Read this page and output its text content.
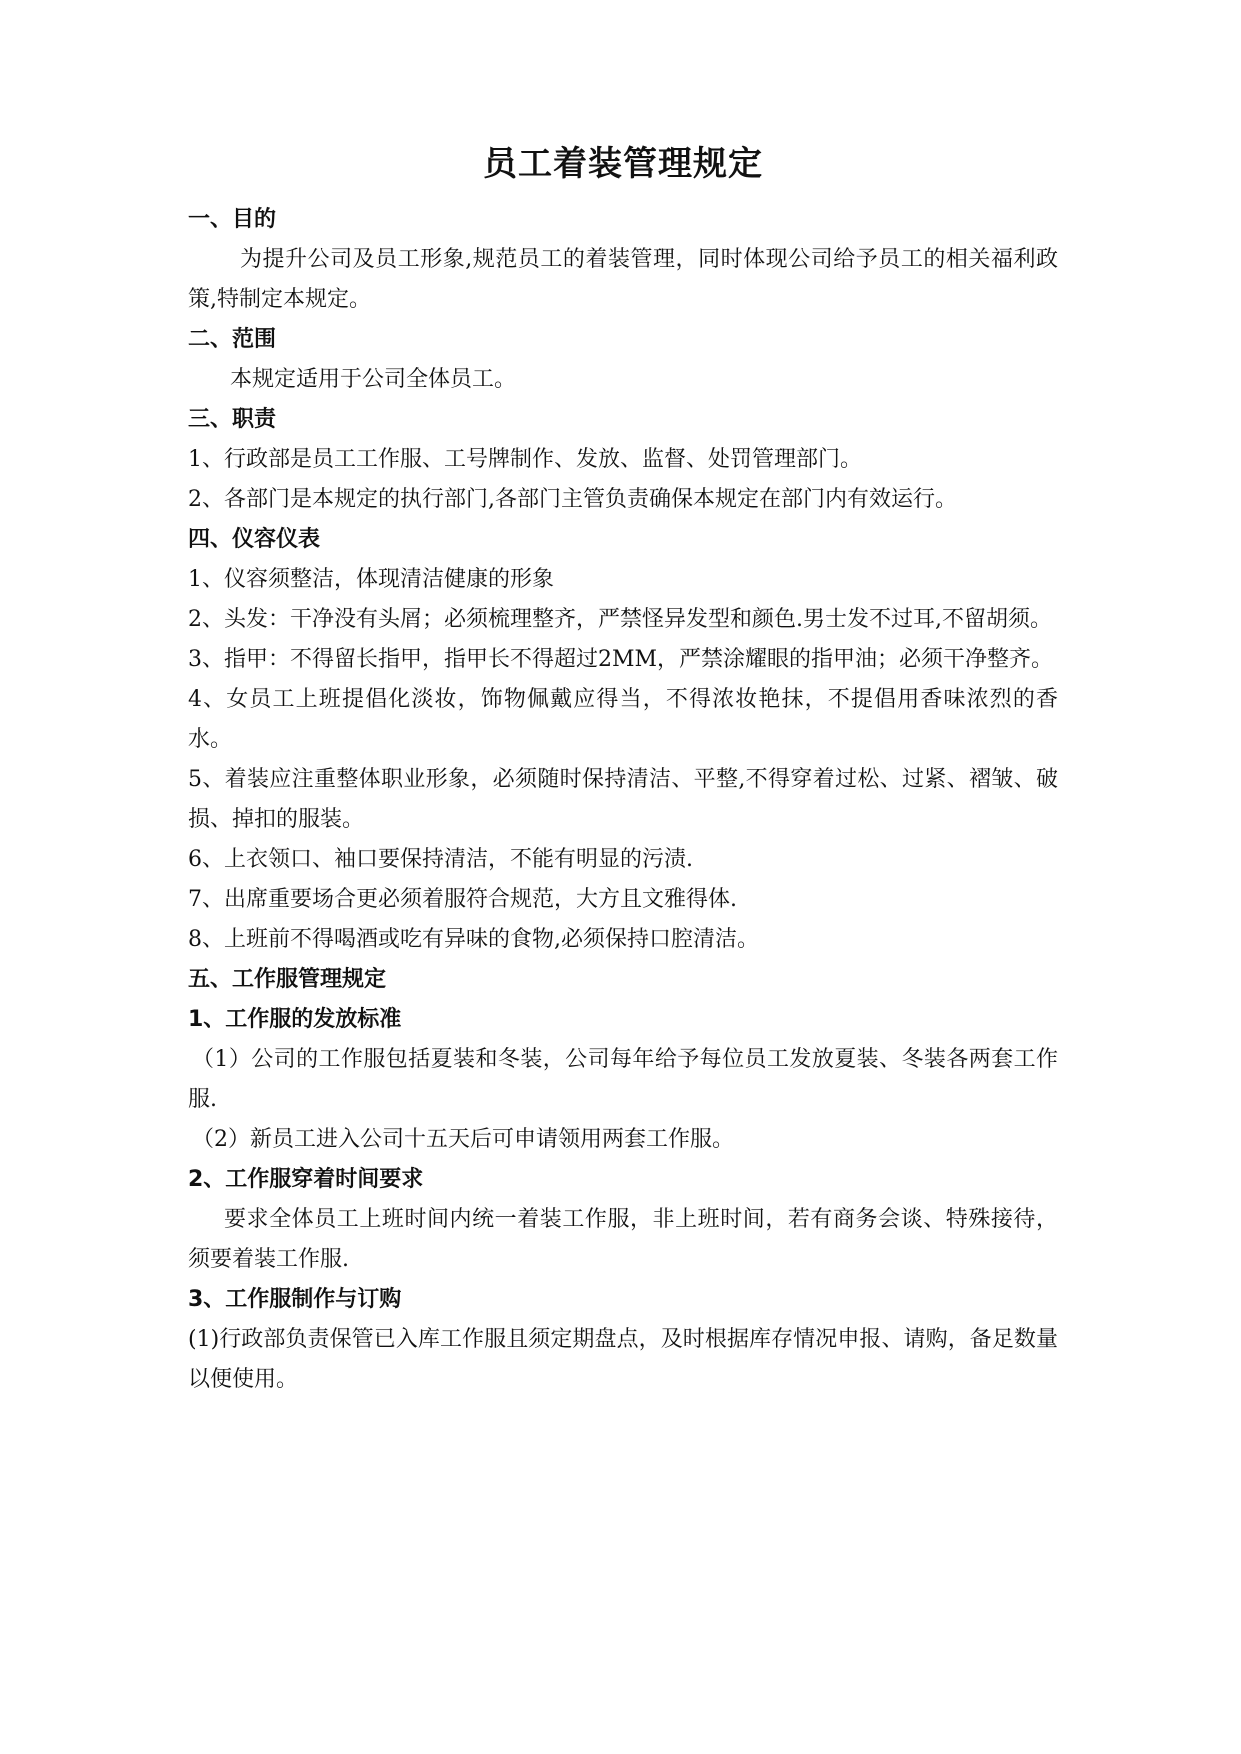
员工着装管理规定

一、目的

为提升公司及员工形象,规范员工的着装管理，同时体现公司给予员工的相关福利政策,特制定本规定。

二、范围

本规定适用于公司全体员工。

三、职责

1、行政部是员工工作服、工号牌制作、发放、监督、处罚管理部门。

2、各部门是本规定的执行部门,各部门主管负责确保本规定在部门内有效运行。

四、仪容仪表

1、仪容须整洁，体现清洁健康的形象

2、头发：干净没有头屑；必须梳理整齐，严禁怪异发型和颜色.男士发不过耳,不留胡须。

3、指甲：不得留长指甲，指甲长不得超过2MM，严禁涂耀眼的指甲油；必须干净整齐。

4、女员工上班提倡化淡妆，饰物佩戴应得当，不得浓妆艳抹，不提倡用香味浓烈的香水。

5、着装应注重整体职业形象，必须随时保持清洁、平整,不得穿着过松、过紧、褶皱、破损、掉扣的服装。

6、上衣领口、袖口要保持清洁，不能有明显的污渍.

7、出席重要场合更必须着服符合规范，大方且文雅得体.

8、上班前不得喝酒或吃有异味的食物,必须保持口腔清洁。

五、工作服管理规定

1、工作服的发放标准

（1）公司的工作服包括夏装和冬装，公司每年给予每位员工发放夏装、冬装各两套工作服.

（2）新员工进入公司十五天后可申请领用两套工作服。

2、工作服穿着时间要求

要求全体员工上班时间内统一着装工作服，非上班时间，若有商务会谈、特殊接待，须要着装工作服.

3、工作服制作与订购

(1)行政部负责保管已入库工作服且须定期盘点，及时根据库存情况申报、请购，备足数量以便使用。
